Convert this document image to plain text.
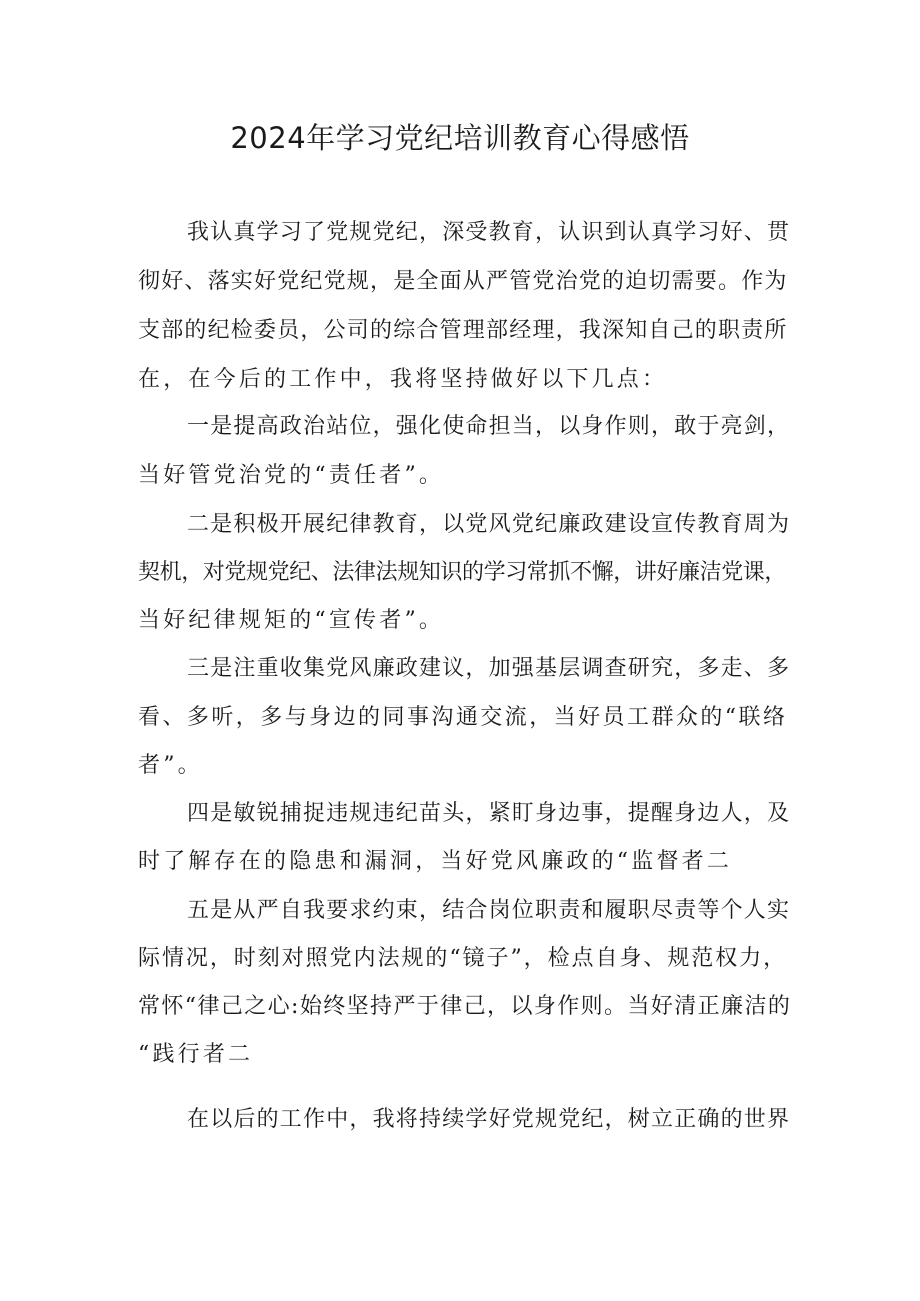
2024年学习党纪培训教育心得感悟
我认真学习了党规党纪，深受教育，认识到认真学习好、贯
彻好、落实好党纪党规，是全面从严管党治党的迫切需要。作为
支部的纪检委员，公司的综合管理部经理，我深知自己的职责所
在，在今后的工作中，我将坚持做好以下几点：
一是提高政治站位，强化使命担当，以身作则，敢于亮剑，
当好管党治党的“责任者”。
二是积极开展纪律教育，以党风党纪廉政建设宣传教育周为
契机，对党规党纪、法律法规知识的学习常抓不懈，讲好廉洁党课，
当好纪律规矩的“宣传者”。
三是注重收集党风廉政建议，加强基层调查研究，多走、多
看、多听，多与身边的同事沟通交流，当好员工群众的“联络
者”。
四是敏锐捕捉违规违纪苗头，紧盯身边事，提醒身边人，及
时了解存在的隐患和漏洞，当好党风廉政的“监督者二
五是从严自我要求约束，结合岗位职责和履职尽责等个人实
际情况，时刻对照党内法规的“镜子”，检点自身、规范权力，
常怀“律己之心:始终坚持严于律己，以身作则。当好清正廉洁的
“践行者二
在以后的工作中，我将持续学好党规党纪，树立正确的世界
